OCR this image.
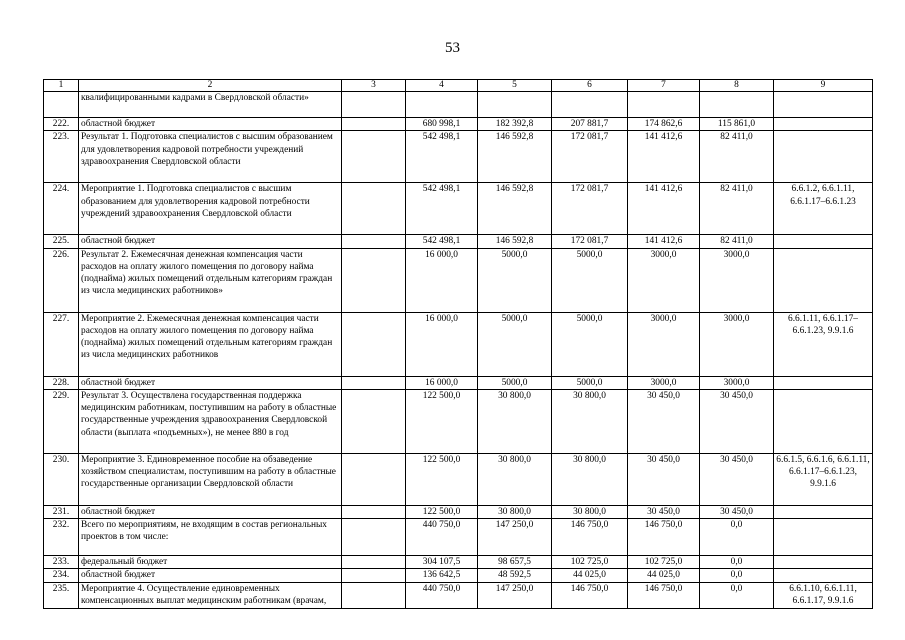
53
1	2	3	4	5	6	7	8	9
	квалифицированными кадрами в Свердловской области»							
222.	областной бюджет		680 998,1	182 392,8	207 881,7	174 862,6	115 861,0	
223.	Результат 1. Подготовка специалистов с высшим образованием для удовлетворения кадровой потребности учреждений здравоохранения Свердловской области		542 498,1	146 592,8	172 081,7	141 412,6	82 411,0	
224.	Мероприятие 1. Подготовка специалистов с высшим образованием для удовлетворения кадровой потребности учреждений здравоохранения Свердловской области		542 498,1	146 592,8	172 081,7	141 412,6	82 411,0	6.6.1.2, 6.6.1.11, 6.6.1.17–6.6.1.23
225.	областной бюджет		542 498,1	146 592,8	172 081,7	141 412,6	82 411,0	
226.	Результат 2. Ежемесячная денежная компенсация части расходов на оплату жилого помещения по договору найма (поднайма) жилых помещений отдельным категориям граждан из числа медицинских работников»		16 000,0	5000,0	5000,0	3000,0	3000,0	
227.	Мероприятие 2. Ежемесячная денежная компенсация части расходов на оплату жилого помещения по договору найма (поднайма) жилых помещений отдельным категориям граждан из числа медицинских работников		16 000,0	5000,0	5000,0	3000,0	3000,0	6.6.1.11, 6.6.1.17–6.6.1.23, 9.9.1.6
228.	областной бюджет		16 000,0	5000,0	5000,0	3000,0	3000,0	
229.	Результат 3. Осуществлена государственная поддержка медицинским работникам, поступившим на работу в областные государственные учреждения здравоохранения Свердловской области (выплата «подъемных»), не менее 880 в год		122 500,0	30 800,0	30 800,0	30 450,0	30 450,0	
230.	Мероприятие 3. Единовременное пособие на обзаведение хозяйством специалистам, поступившим на работу в областные государственные организации Свердловской области		122 500,0	30 800,0	30 800,0	30 450,0	30 450,0	6.6.1.5, 6.6.1.6, 6.6.1.11, 6.6.1.17–6.6.1.23, 9.9.1.6
231.	областной бюджет		122 500,0	30 800,0	30 800,0	30 450,0	30 450,0	
232.	Всего по мероприятиям, не входящим в состав региональных проектов в том числе:		440 750,0	147 250,0	146 750,0	146 750,0	0,0	
233.	федеральный бюджет		304 107,5	98 657,5	102 725,0	102 725,0	0,0	
234.	областной бюджет		136 642,5	48 592,5	44 025,0	44 025,0	0,0	
235.	Мероприятие 4. Осуществление единовременных компенсационных выплат медицинским работникам (врачам,		440 750,0	147 250,0	146 750,0	146 750,0	0,0	6.6.1.10, 6.6.1.11, 6.6.1.17, 9.9.1.6
